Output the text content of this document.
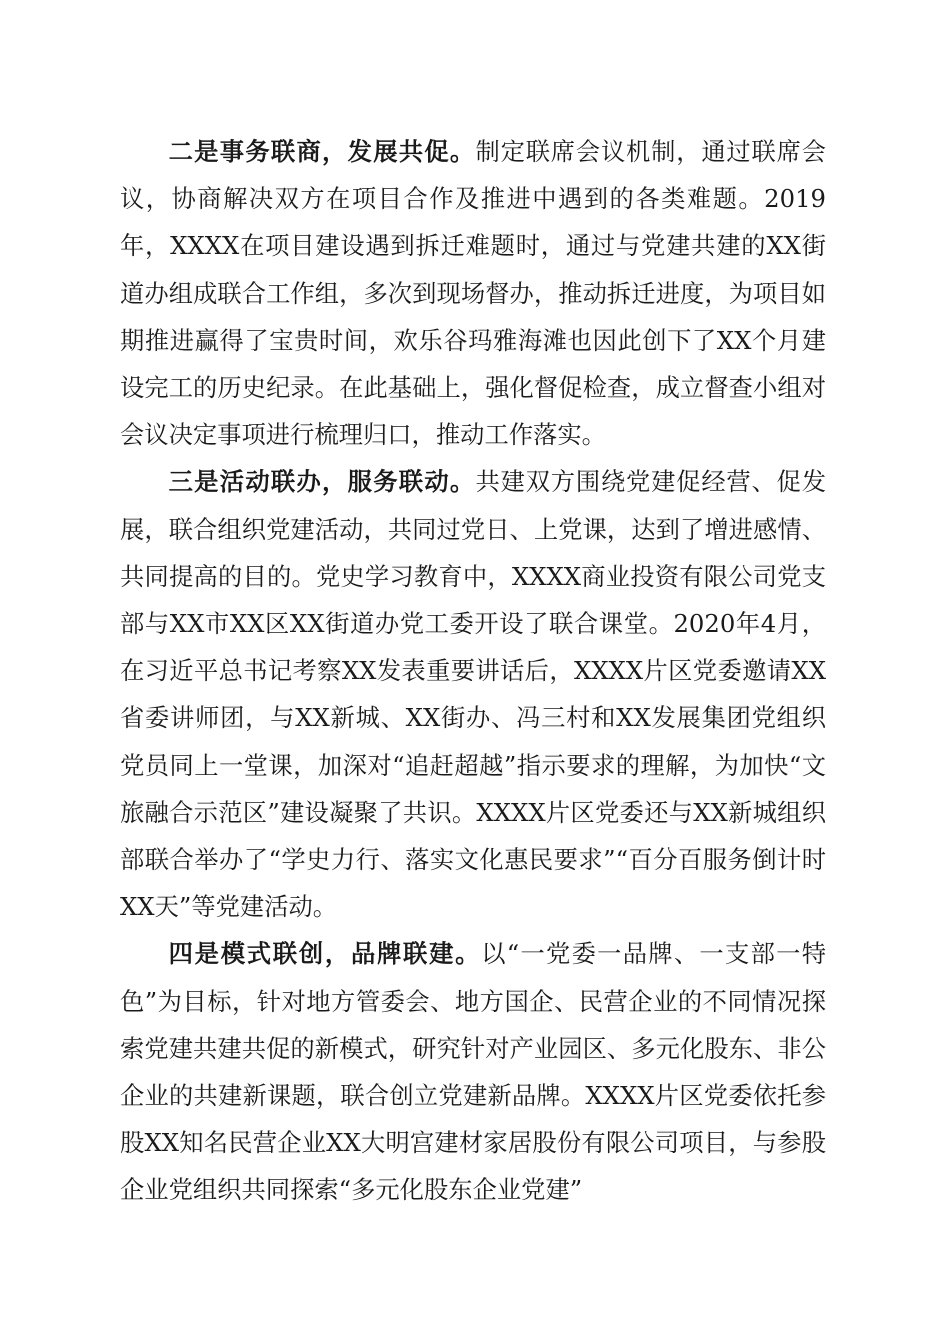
二是事务联商，发展共促。制定联席会议机制，通过联席会议，协商解决双方在项目合作及推进中遇到的各类难题。2019年，XXXX在项目建设遇到拆迁难题时，通过与党建共建的XX街道办组成联合工作组，多次到现场督办，推动拆迁进度，为项目如期推进赢得了宝贵时间，欢乐谷玛雅海滩也因此创下了XX个月建设完工的历史纪录。在此基础上，强化督促检查，成立督查小组对会议决定事项进行梳理归口，推动工作落实。

三是活动联办，服务联动。共建双方围绕党建促经营、促发展，联合组织党建活动，共同过党日、上党课，达到了增进感情、共同提高的目的。党史学习教育中，XXXX商业投资有限公司党支部与XX市XX区XX街道办党工委开设了联合课堂。2020年4月，在习近平总书记考察XX发表重要讲话后，XXXX片区党委邀请XX省委讲师团，与XX新城、XX街办、冯三村和XX发展集团党组织党员同上一堂课，加深对“追赶超越”指示要求的理解，为加快“文旅融合示范区”建设凝聚了共识。XXXX片区党委还与XX新城组织部联合举办了“学史力行、落实文化惠民要求”“百分百服务倒计时XX天”等党建活动。

四是模式联创，品牌联建。以“一党委一品牌、一支部一特色”为目标，针对地方管委会、地方国企、民营企业的不同情况探索党建共建共促的新模式，研究针对产业园区、多元化股东、非公企业的共建新课题，联合创立党建新品牌。XXXX片区党委依托参股XX知名民营企业XX大明宫建材家居股份有限公司项目，与参股企业党组织共同探索“多元化股东企业党建”
